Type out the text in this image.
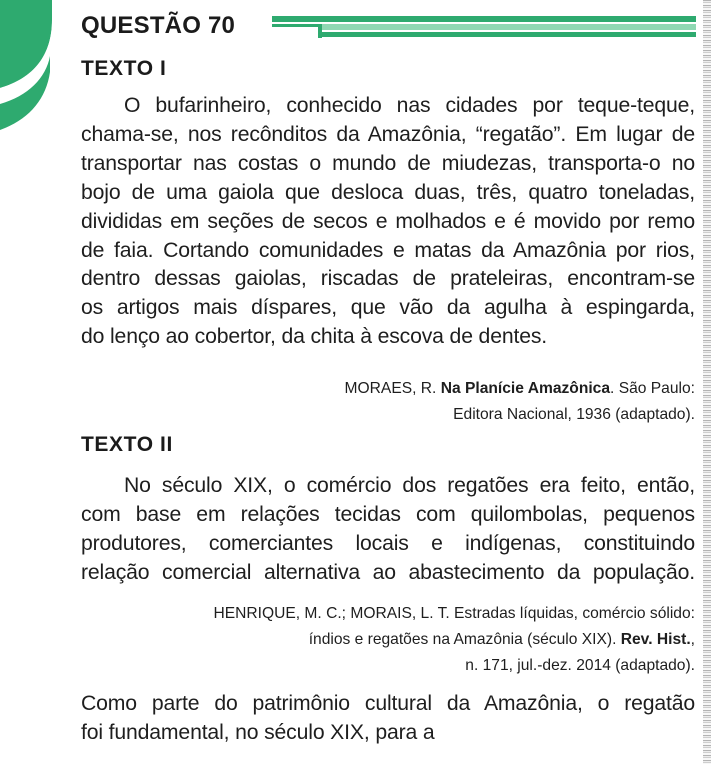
QUESTÃO 70
TEXTO I
O bufarinheiro, conhecido nas cidades por teque-teque,
chama-se, nos recônditos da Amazônia, “regatão”. Em lugar de
transportar nas costas o mundo de miudezas, transporta-o no
bojo de uma gaiola que desloca duas, três, quatro toneladas,
divididas em seções de secos e molhados e é movido por remo
de faia. Cortando comunidades e matas da Amazônia por rios,
dentro dessas gaiolas, riscadas de prateleiras, encontram-se
os artigos mais díspares, que vão da agulha à espingarda,
do lenço ao cobertor, da chita à escova de dentes.
MORAES, R. Na Planície Amazônica. São Paulo:
Editora Nacional, 1936 (adaptado).
TEXTO II
No século XIX, o comércio dos regatões era feito, então,
com base em relações tecidas com quilombolas, pequenos
produtores, comerciantes locais e indígenas, constituindo
relação comercial alternativa ao abastecimento da população.
HENRIQUE, M. C.; MORAIS, L. T. Estradas líquidas, comércio sólido:
índios e regatões na Amazônia (século XIX). Rev. Hist.,
n. 171, jul.-dez. 2014 (adaptado).
Como parte do patrimônio cultural da Amazônia, o regatão
foi fundamental, no século XIX, para a
